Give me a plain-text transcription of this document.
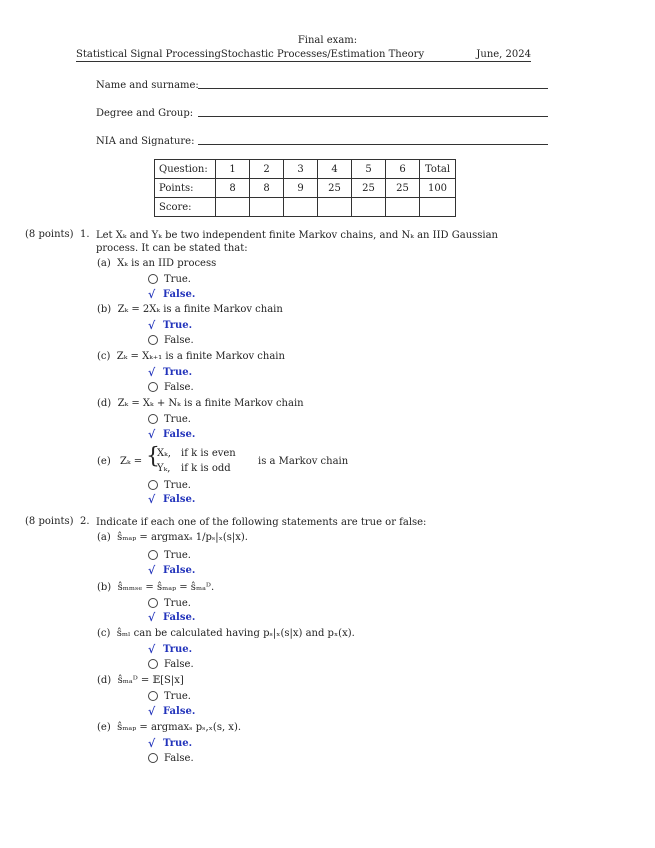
Final exam:
Statistical Signal ProcessingStochastic Processes/Estimation Theory	June, 2024
Name and surname:
Degree and Group:
NIA and Signature:
Question:	1	2	3	4	5	6	Total
Points:	8	8	9	25	25	25	100
Score:							
(8 points) 1. Let Xₖ and Yₖ be two independent finite Markov chains, and Nₖ an IID Gaussian process. It can be stated that:
(a) Xₖ is an IID process
True.
√ False.
(b) Zₖ = 2Xₖ is a finite Markov chain
√ True.
False.
(c) Zₖ = Xₖ₊₁ is a finite Markov chain
√ True.
False.
(d) Zₖ = Xₖ + Nₖ is a finite Markov chain
True.
√ False.
(e) Zₖ = {
Xₖ, if k is even
Yₖ, if k is odd
is a Markov chain
True.
√ False.
(8 points) 2. Indicate if each one of the following statements are true or false:
(a) ŝₘₐₚ = argmaxₛ 1/pₛ|ₓ(s|x).
True.
√ False.
(b) ŝₘₘₛₑ = ŝₘₐₚ = ŝₘₐᴰ.
True.
√ False.
(c) ŝₘₗ can be calculated having pₛ|ₓ(s|x) and pₓ(x).
√ True.
False.
(d) ŝₘₐᴰ = 𝔼[S|x]
True.
√ False.
(e) ŝₘₐₚ = argmaxₛ pₛ,ₓ(s, x).
√ True.
False.
